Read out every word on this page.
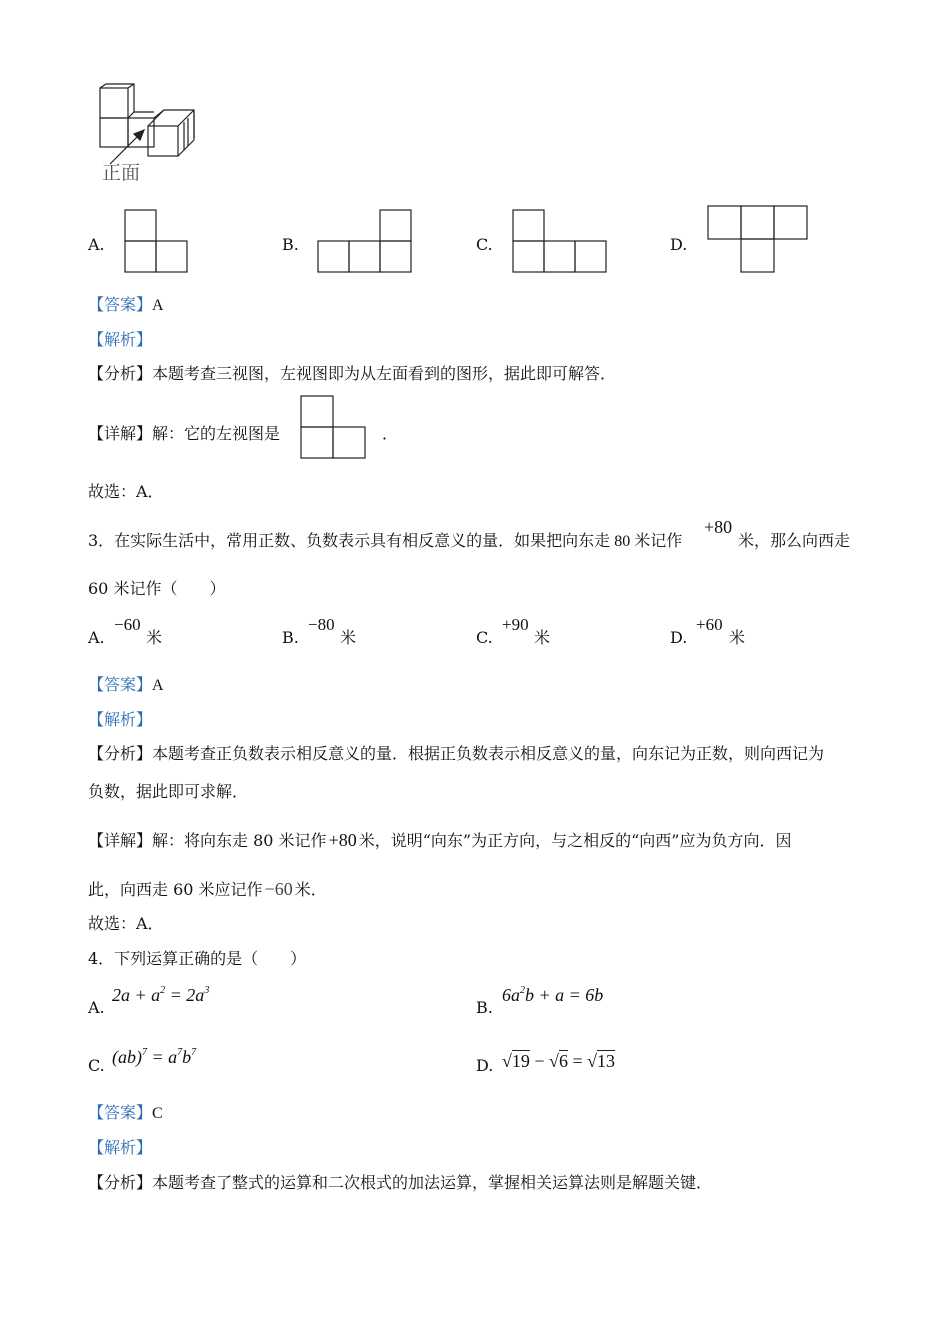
正面
A.	B.	C.	D.
【答案】A
【解析】
【分析】本题考查三视图，左视图即为从左面看到的图形，据此即可解答．
【详解】解：它的左视图是	．
故选：A．
3．在实际生活中，常用正数、负数表示具有相反意义的量．如果把向东走 80 米记作
+80
米，那么向西走
60 米记作（　　）
A.
−60
米	B.
−80
米	C.
+90
米	D.
+60
米
【答案】A
【解析】
【分析】本题考查正负数表示相反意义的量．根据正负数表示相反意义的量，向东记为正数，则向西记为
负数，据此即可求解．
【详解】解：将向东走 80 米记作 +80 米，说明“向东”为正方向，与之相反的“向西”应为负方向．因
此，向西走 60 米应记作 −60 米．
故选：A．
4．下列运算正确的是（　　）
A.
$2a + a^2 = 2a^3$
B.
$6a^2b + a = 6b$
C. $(ab)^7 = a^7b^7$
D. √19 − √6 = √13
【答案】C
【解析】
【分析】本题考查了整式的运算和二次根式的加法运算，掌握相关运算法则是解题关键．
